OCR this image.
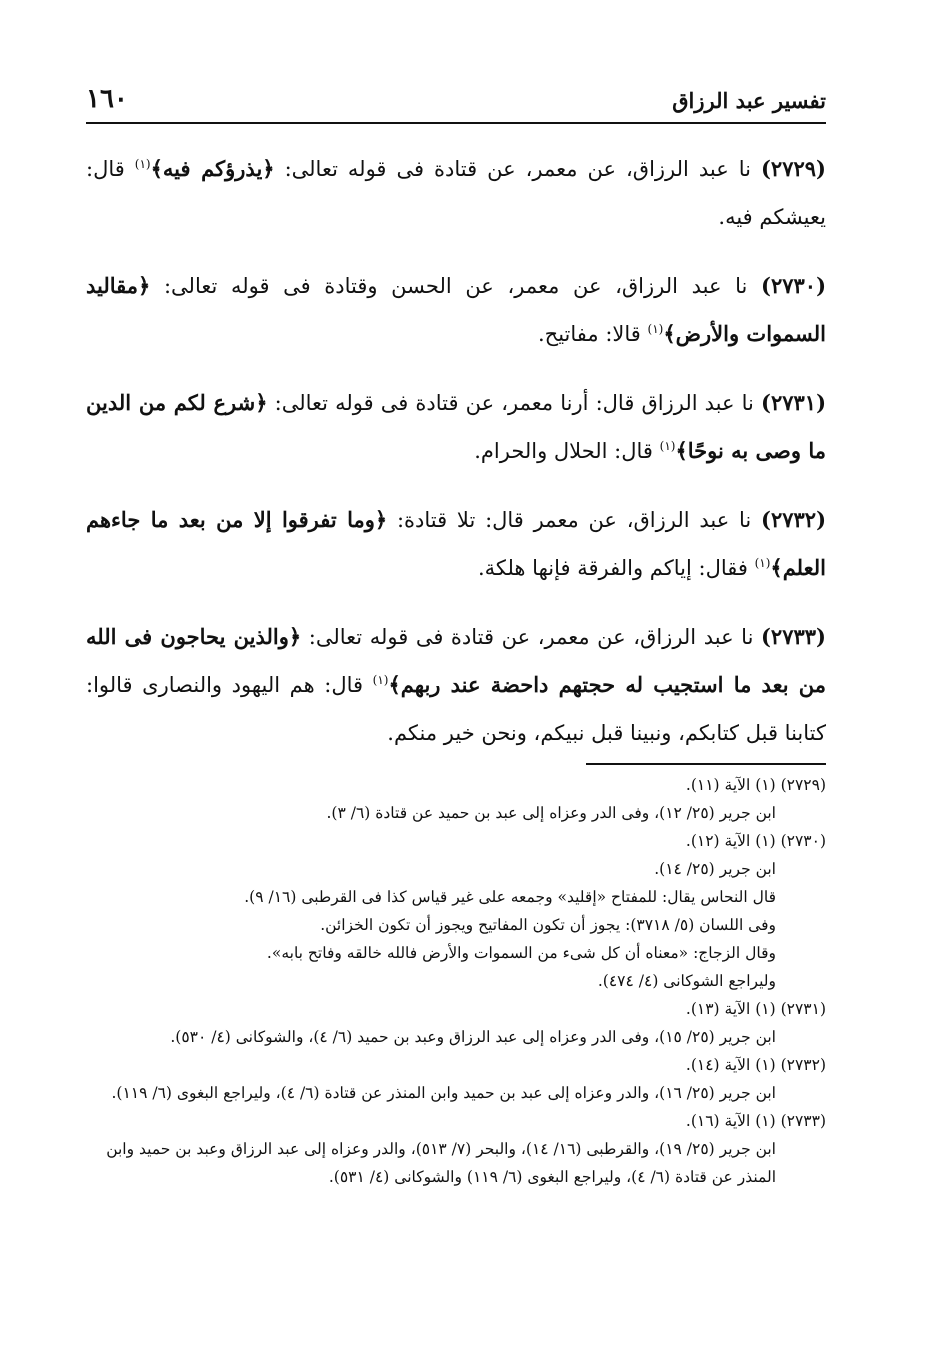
تفسير عبد الرزاق
١٦٠

(٢٧٢٩) نا عبد الرزاق، عن معمر، عن قتادة فى قوله تعالى: ﴿يذرؤكم فيه﴾$^{(١)}$ قال: يعيشكم فيه.

(٢٧٣٠) نا عبد الرزاق، عن معمر، عن الحسن وقتادة فى قوله تعالى: ﴿مقاليد السموات والأرض﴾$^{(١)}$ قالا: مفاتيح.

(٢٧٣١) نا عبد الرزاق قال: أرنا معمر، عن قتادة فى قوله تعالى: ﴿شرع لكم من الدين ما وصى به نوحًا﴾$^{(١)}$ قال: الحلال والحرام.

(٢٧٣٢) نا عبد الرزاق، عن معمر قال: تلا قتادة: ﴿وما تفرقوا إلا من بعد ما جاءهم العلم﴾$^{(١)}$ فقال: إياكم والفرقة فإنها هلكة.

(٢٧٣٣) نا عبد الرزاق، عن معمر، عن قتادة فى قوله تعالى: ﴿والذين يحاجون فى الله من بعد ما استجيب له حجتهم داحضة عند ربهم﴾$^{(١)}$ قال: هم اليهود والنصارى قالوا: كتابنا قبل كتابكم، ونبينا قبل نبيكم، ونحن خير منكم.

(٢٧٢٩) (١) الآية (١١).

ابن جرير (٢٥/ ١٢)، وفى الدر وعزاه إلى عبد بن حميد عن قتادة (٦/ ٣).

(٢٧٣٠) (١) الآية (١٢).

ابن جرير (٢٥/ ١٤).

قال النحاس يقال: للمفتاح «إقليد» وجمعه على غير قياس كذا فى القرطبى (١٦/ ٩).

وفى اللسان (٥/ ٣٧١٨): يجوز أن تكون المفاتيح ويجوز أن تكون الخزائن.

وقال الزجاج: «معناه أن كل شىء من السموات والأرض فالله خالقه وفاتح بابه».

وليراجع الشوكانى (٤/ ٤٧٤).

(٢٧٣١) (١) الآية (١٣).

ابن جرير (٢٥/ ١٥)، وفى الدر وعزاه إلى عبد الرزاق وعبد بن حميد (٦/ ٤)، والشوكانى (٤/ ٥٣٠).

(٢٧٣٢) (١) الآية (١٤).

ابن جرير (٢٥/ ١٦)، والدر وعزاه إلى عبد بن حميد وابن المنذر عن قتادة (٦/ ٤)، وليراجع البغوى (٦/ ١١٩).

(٢٧٣٣) (١) الآية (١٦).

ابن جرير (٢٥/ ١٩)، والقرطبى (١٦/ ١٤)، والبحر (٧/ ٥١٣)، والدر وعزاه إلى عبد الرزاق وعبد بن حميد وابن المنذر عن قتادة (٦/ ٤)، وليراجع البغوى (٦/ ١١٩) والشوكانى (٤/ ٥٣١).
